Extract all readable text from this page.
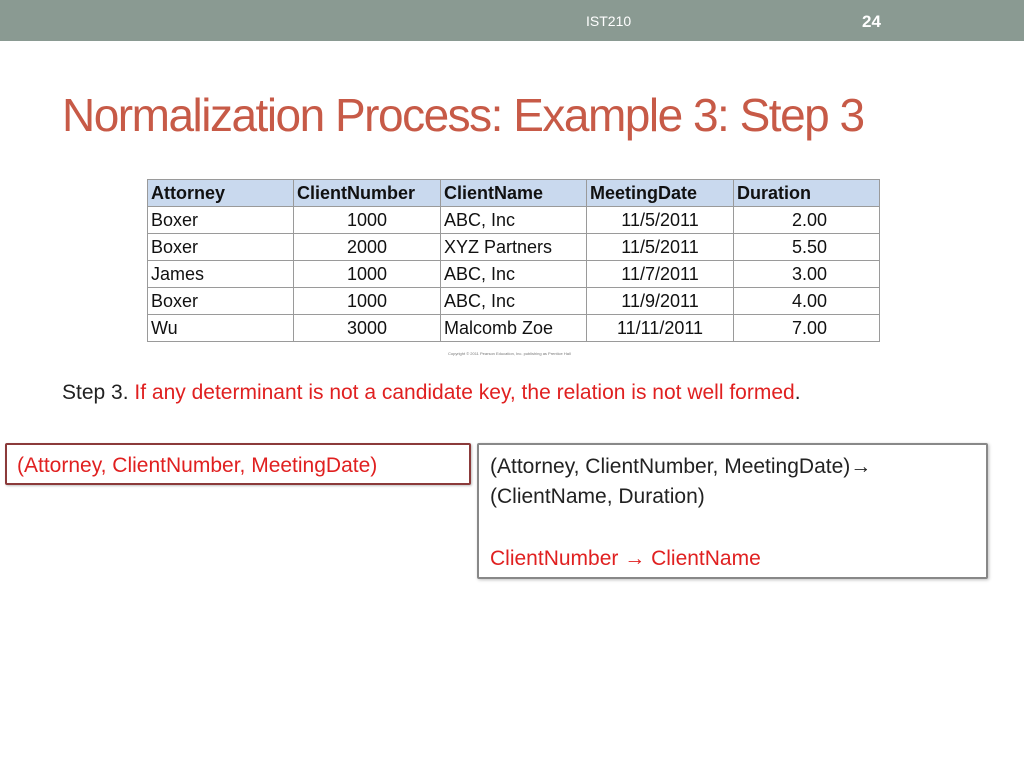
IST210	24
Normalization Process: Example 3: Step 3
Attorney	ClientNumber	ClientName	MeetingDate	Duration
Boxer	1000	ABC, Inc	11/5/2011	2.00
Boxer	2000	XYZ Partners	11/5/2011	5.50
James	1000	ABC, Inc	11/7/2011	3.00
Boxer	1000	ABC, Inc	11/9/2011	4.00
Wu	3000	Malcomb Zoe	11/11/2011	7.00
Copyright © 2011 Pearson Education, Inc. publishing as Prentice Hall

Step 3. If any determinant is not a candidate key, the relation is not well formed.

(Attorney, ClientNumber, MeetingDate)	(Attorney, ClientNumber, MeetingDate)→
(ClientName, Duration)
ClientNumber → ClientName
